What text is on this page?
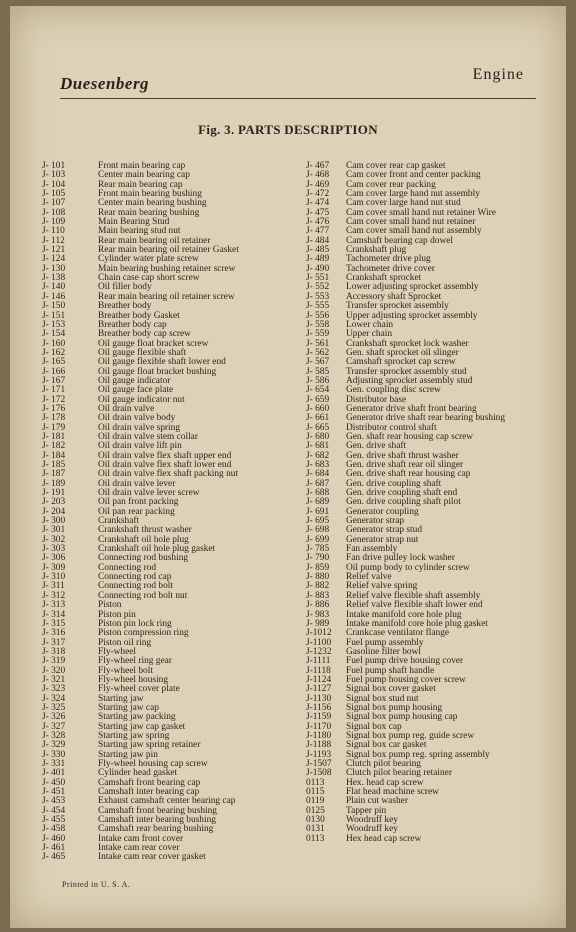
Duesenberg	Engine
Fig. 3. PARTS DESCRIPTION
J- 101	Front main bearing cap
J- 103	Center main bearing cap
J- 104	Rear main bearing cap
J- 105	Front main bearing bushing
J- 107	Center main bearing bushing
J- 108	Rear main bearing bushing
J- 109	Main Bearing Stud
J- 110	Main bearing stud nut
J- 112	Rear main bearing oil retainer
J- 121	Rear main bearing oil retainer Gasket
J- 124	Cylinder water plate screw
J- 130	Main bearing bushing retainer screw
J- 138	Chain case cap short screw
J- 140	Oil filler body
J- 146	Rear main bearing oil retainer screw
J- 150	Breather body
J- 151	Breather body Gasket
J- 153	Breather body cap
J- 154	Breather body cap screw
J- 160	Oil gauge float bracket screw
J- 162	Oil gauge flexible shaft
J- 165	Oil gauge flexible shaft lower end
J- 166	Oil gauge float bracket bushing
J- 167	Oil gauge indicator
J- 171	Oil gauge face plate
J- 172	Oil gauge indicator nut
J- 176	Oil drain valve
J- 178	Oil drain valve body
J- 179	Oil drain valve spring
J- 181	Oil drain valve stem collar
J- 182	Oil drain valve lift pin
J- 184	Oil drain valve flex shaft upper end
J- 185	Oil drain valve flex shaft lower end
J- 187	Oil drain valve flex shaft packing nut
J- 189	Oil drain valve lever
J- 191	Oil drain valve lever screw
J- 203	Oil pan front packing
J- 204	Oil pan rear packing
J- 300	Crankshaft
J- 301	Crankshaft thrust washer
J- 302	Crankshaft oil hole plug
J- 303	Crankshaft oil hole plug gasket
J- 306	Connecting rod bushing
J- 309	Connecting rod
J- 310	Connecting rod cap
J- 311	Connecting rod bolt
J- 312	Connecting rod bolt nut
J- 313	Piston
J- 314	Piston pin
J- 315	Piston pin lock ring
J- 316	Piston compression ring
J- 317	Piston oil ring
J- 318	Fly-wheel
J- 319	Fly-wheel ring gear
J- 320	Fly-wheel bolt
J- 321	Fly-wheel housing
J- 323	Fly-wheel cover plate
J- 324	Starting jaw
J- 325	Starting jaw cap
J- 326	Starting jaw packing
J- 327	Starting jaw cap gasket
J- 328	Starting jaw spring
J- 329	Starting jaw spring retainer
J- 330	Starting jaw pin
J- 331	Fly-wheel housing cap screw
J- 401	Cylinder head gasket
J- 450	Camshaft front bearing cap
J- 451	Camshaft inter bearing cap
J- 453	Exhaust camshaft center bearing cap
J- 454	Camshaft front bearing bushing
J- 455	Camshaft inter bearing bushing
J- 458	Camshaft rear bearing bushing
J- 460	Intake cam front cover
J- 461	Intake cam rear cover
J- 465	Intake cam rear cover gasket
J- 467	Cam cover rear cap gasket
J- 468	Cam cover front and center packing
J- 469	Cam cover rear packing
J- 472	Cam cover large hand nut assembly
J- 474	Cam cover large hand nut stud
J- 475	Cam cover small hand nut retainer Wire
J- 476	Cam cover small hand nut retainer
J- 477	Cam cover small hand nut assembly
J- 484	Camshaft bearing cap dowel
J- 485	Crankshaft plug
J- 489	Tachometer drive plug
J- 490	Tachometer drive cover
J- 551	Crankshaft sprocket
J- 552	Lower adjusting sprocket assembly
J- 553	Accessory shaft Sprocket
J- 555	Transfer sprocket assembly
J- 556	Upper adjusting sprocket assembly
J- 558	Lower chain
J- 559	Upper chain
J- 561	Crankshaft sprocket lock washer
J- 562	Gen. shaft sprocket oil slinger
J- 567	Camshaft sprocket cap screw
J- 585	Transfer sprocket assembly stud
J- 586	Adjusting sprocket assembly stud
J- 654	Gen. coupling disc screw
J- 659	Distributor base
J- 660	Generator drive shaft front bearing
J- 661	Generator drive shaft rear bearing bushing
J- 665	Distributor control shaft
J- 680	Gen. shaft rear housing cap screw
J- 681	Gen. drive shaft
J- 682	Gen. drive shaft thrust washer
J- 683	Gen. drive shaft rear oil slinger
J- 684	Gen. drive shaft rear housing cap
J- 687	Gen. drive coupling shaft
J- 688	Gen. drive coupling shaft end
J- 689	Gen. drive coupling shaft pilot
J- 691	Generator coupling
J- 695	Generator strap
J- 698	Generator strap stud
J- 699	Generator strap nut
J- 785	Fan assembly
J- 790	Fan drive pulley lock washer
J- 859	Oil pump body to cylinder screw
J- 880	Relief valve
J- 882	Relief valve spring
J- 883	Relief valve flexible shaft assembly
J- 886	Relief valve flexible shaft lower end
J- 983	Intake manifold core hole plug
J- 989	Intake manifold core hole plug gasket
J-1012	Crankcase ventilator flange
J-1100	Fuel pump assembly
J-1232	Gasoline filter bowl
J-1111	Fuel pump drive housing cover
J-1118	Fuel pump shaft handle
J-1124	Fuel pump housing cover screw
J-1127	Signal box cover gasket
J-1130	Signal box stud nut
J-1156	Signal box pump housing
J-1159	Signal box pump housing cap
J-1170	Signal box cap
J-1180	Signal box pump reg. guide screw
J-1188	Signal box car gasket
J-1193	Signal box pump reg. spring assembly
J-1507	Clutch pilot bearing
J-1508	Clutch pilot bearing retainer
0113	Hex. head cap screw
0115	Flat head machine screw
0119	Plain cut washer
0125	Tapper pin
0130	Woodruff key
0131	Woodruff key
0113	Hex head cap screw
Printed in U. S. A.
